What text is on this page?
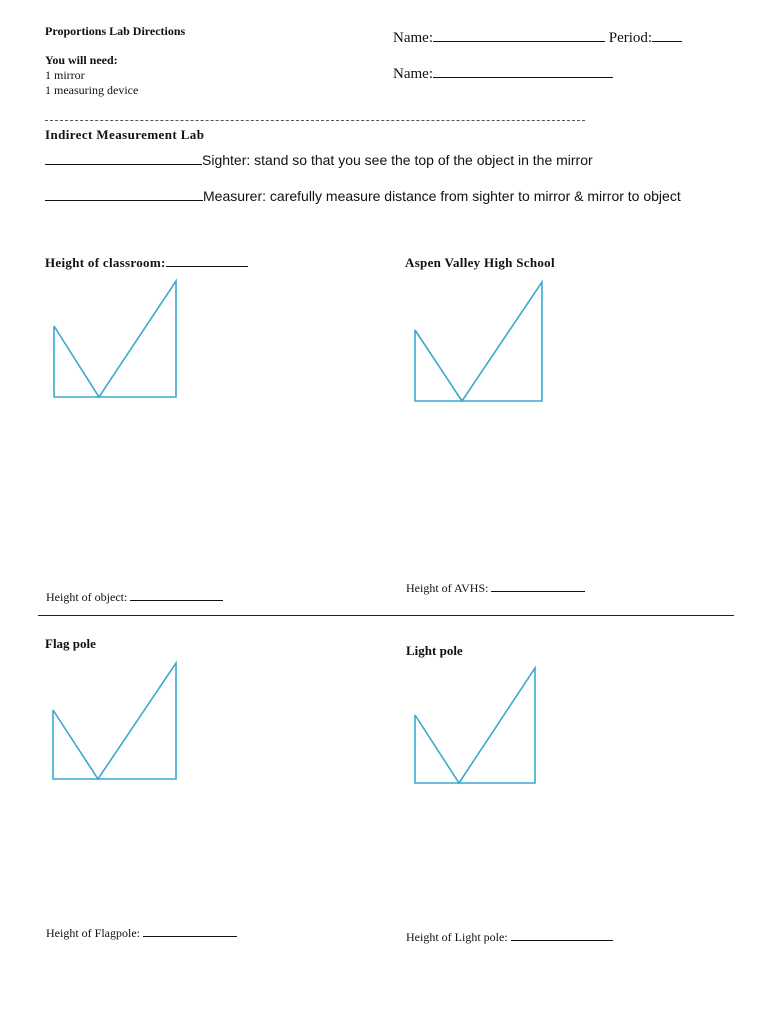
Proportions Lab Directions
You will need:
1 mirror
1 measuring device
Name:	Period:
Name:
Indirect Measurement Lab
Sighter: stand so that you see the top of the object in the mirror
Measurer: carefully measure distance from sighter to mirror & mirror to object
Height of classroom:
Height of object:
Aspen Valley High School
Height of AVHS:
Flag pole
Height of Flagpole:
Light pole
Height of Light pole:
